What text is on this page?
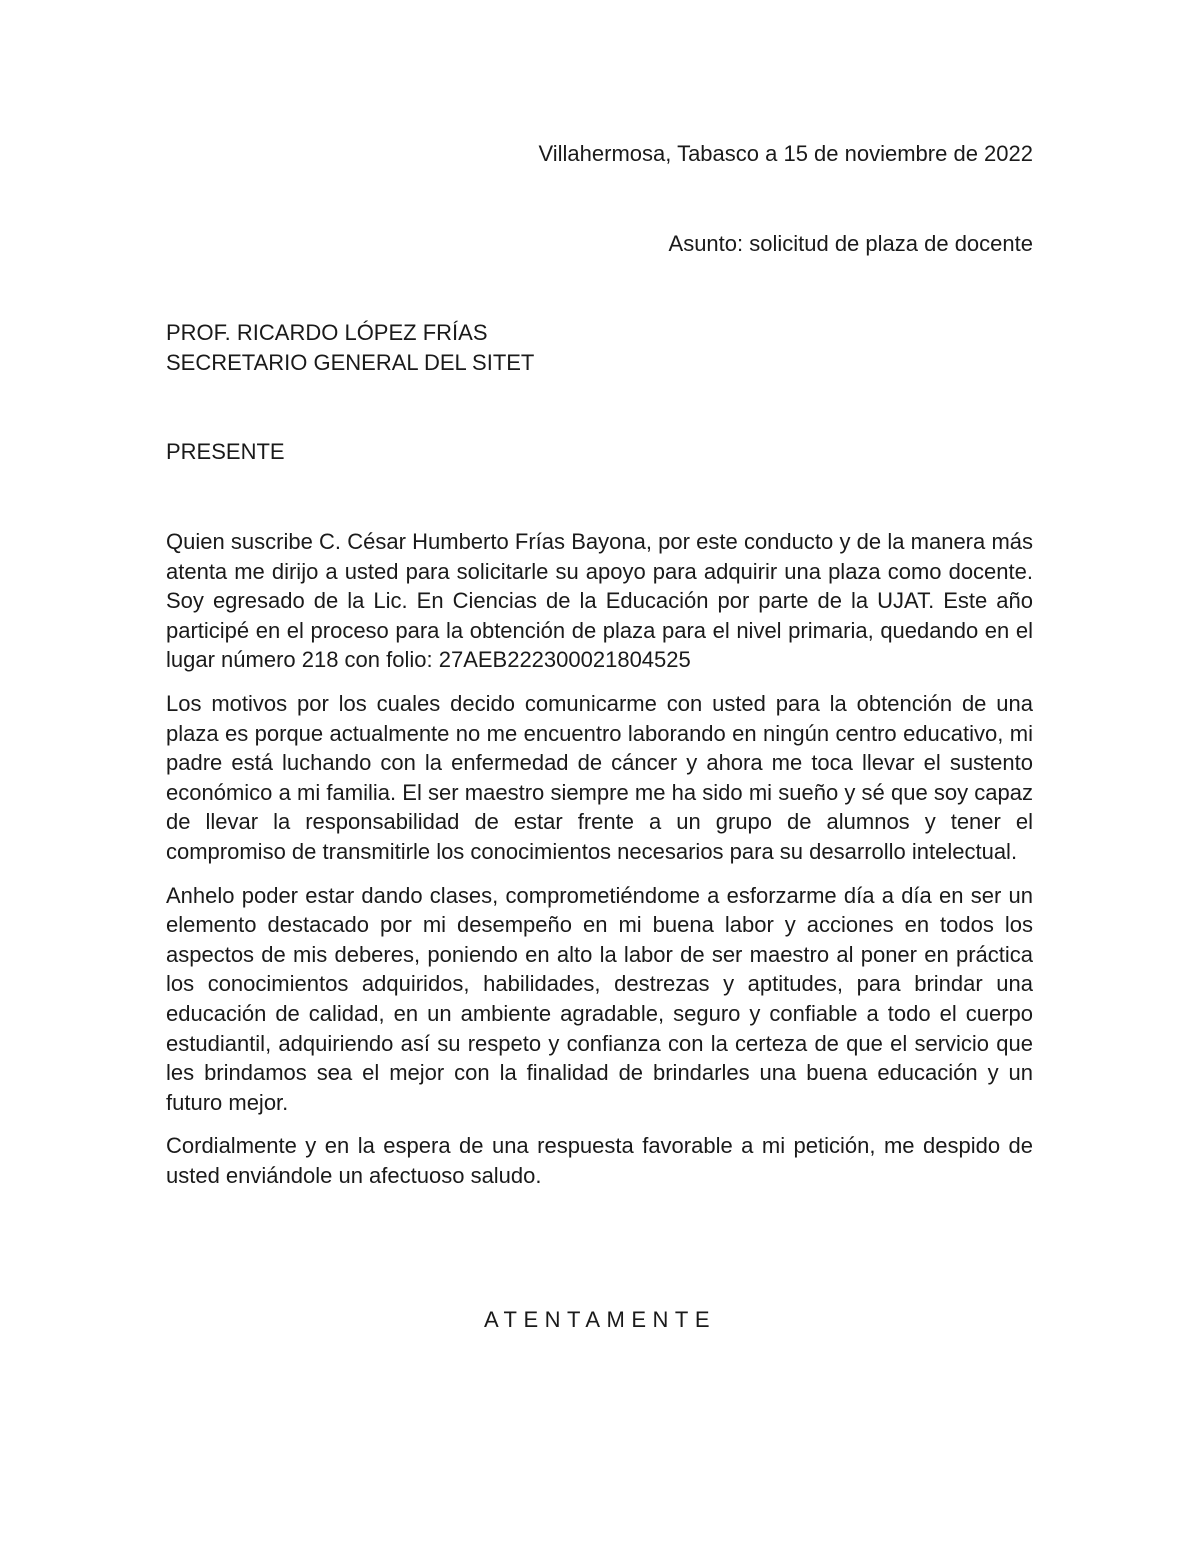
Villahermosa, Tabasco a 15 de noviembre de 2022
Asunto: solicitud de plaza de docente
PROF. RICARDO LÓPEZ FRÍAS
SECRETARIO GENERAL DEL SITET
PRESENTE

Quien suscribe C. César Humberto Frías Bayona, por este conducto y de la manera más atenta me dirijo a usted para solicitarle su apoyo para adquirir una plaza como docente. Soy egresado de la Lic. En Ciencias de la Educación por parte de la UJAT. Este año participé en el proceso para la obtención de plaza para el nivel primaria, quedando en el lugar número 218 con folio: 27AEB222300021804525

Los motivos por los cuales decido comunicarme con usted para la obtención de una plaza es porque actualmente no me encuentro laborando en ningún centro educativo, mi padre está luchando con la enfermedad de cáncer y ahora me toca llevar el sustento económico a mi familia. El ser maestro siempre me ha sido mi sueño y sé que soy capaz de llevar la responsabilidad de estar frente a un grupo de alumnos y tener el compromiso de transmitirle los conocimientos necesarios para su desarrollo intelectual.

Anhelo poder estar dando clases, comprometiéndome a esforzarme día a día en ser un elemento destacado por mi desempeño en mi buena labor y acciones en todos los aspectos de mis deberes, poniendo en alto la labor de ser maestro al poner en práctica los conocimientos adquiridos, habilidades, destrezas y aptitudes, para brindar una educación de calidad, en un ambiente agradable, seguro y confiable a todo el cuerpo estudiantil, adquiriendo así su respeto y confianza con la certeza de que el servicio que les brindamos sea el mejor con la finalidad de brindarles una buena educación y un futuro mejor.

Cordialmente y en la espera de una respuesta favorable a mi petición, me despido de usted enviándole un afectuoso saludo.

ATENTAMENTE
